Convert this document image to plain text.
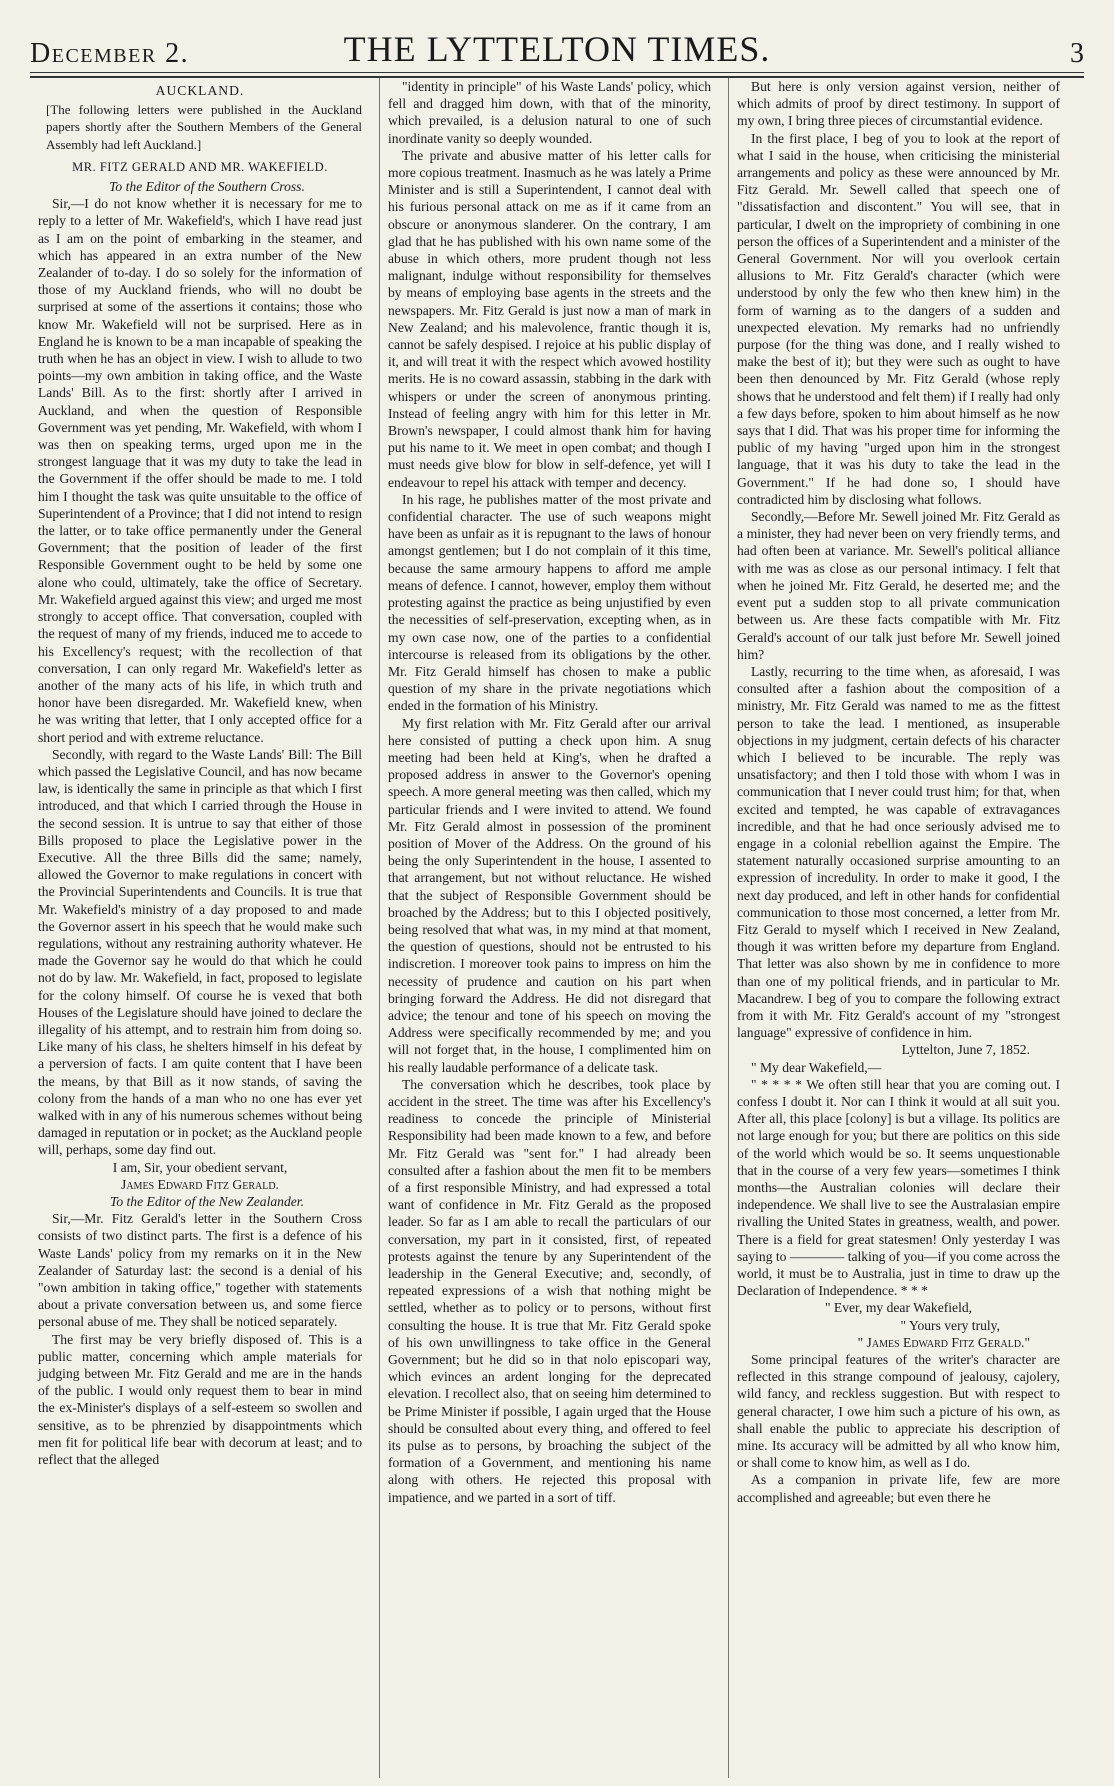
December 2.	THE LYTTELTON TIMES.	3
AUCKLAND.

[The following letters were published in the Auckland papers shortly after the Southern Members of the General Assembly had left Auckland.]

MR. FITZ GERALD AND MR. WAKEFIELD.

To the Editor of the Southern Cross.

Sir,—I do not know whether it is necessary for me to reply to a letter of Mr. Wakefield's, which I have read just as I am on the point of embarking in the steamer, and which has appeared in an extra number of the New Zealander of to-day. I do so solely for the information of those of my Auckland friends, who will no doubt be surprised at some of the assertions it contains; those who know Mr. Wakefield will not be surprised. Here as in England he is known to be a man incapable of speaking the truth when he has an object in view. I wish to allude to two points—my own ambition in taking office, and the Waste Lands' Bill. As to the first: shortly after I arrived in Auckland, and when the question of Responsible Government was yet pending, Mr. Wakefield, with whom I was then on speaking terms, urged upon me in the strongest language that it was my duty to take the lead in the Government if the offer should be made to me. I told him I thought the task was quite unsuitable to the office of Superintendent of a Province; that I did not intend to resign the latter, or to take office permanently under the General Government; that the position of leader of the first Responsible Government ought to be held by some one alone who could, ultimately, take the office of Secretary. Mr. Wakefield argued against this view; and urged me most strongly to accept office. That conversation, coupled with the request of many of my friends, induced me to accede to his Excellency's request; with the recollection of that conversation, I can only regard Mr. Wakefield's letter as another of the many acts of his life, in which truth and honor have been disregarded. Mr. Wakefield knew, when he was writing that letter, that I only accepted office for a short period and with extreme reluctance.

Secondly, with regard to the Waste Lands' Bill: The Bill which passed the Legislative Council, and has now became law, is identically the same in principle as that which I first introduced, and that which I carried through the House in the second session. It is untrue to say that either of those Bills proposed to place the Legislative power in the Executive. All the three Bills did the same; namely, allowed the Governor to make regulations in concert with the Provincial Superintendents and Councils. It is true that Mr. Wakefield's ministry of a day proposed to and made the Governor assert in his speech that he would make such regulations, without any restraining authority whatever. He made the Governor say he would do that which he could not do by law. Mr. Wakefield, in fact, proposed to legislate for the colony himself. Of course he is vexed that both Houses of the Legislature should have joined to declare the illegality of his attempt, and to restrain him from doing so. Like many of his class, he shelters himself in his defeat by a perversion of facts. I am quite content that I have been the means, by that Bill as it now stands, of saving the colony from the hands of a man who no one has ever yet walked with in any of his numerous schemes without being damaged in reputation or in pocket; as the Auckland people will, perhaps, some day find out.

I am, Sir, your obedient servant,

James Edward Fitz Gerald.

To the Editor of the New Zealander.

Sir,—Mr. Fitz Gerald's letter in the Southern Cross consists of two distinct parts. The first is a defence of his Waste Lands' policy from my remarks on it in the New Zealander of Saturday last: the second is a denial of his "own ambition in taking office," together with statements about a private conversation between us, and some fierce personal abuse of me. They shall be noticed separately.

The first may be very briefly disposed of. This is a public matter, concerning which ample materials for judging between Mr. Fitz Gerald and me are in the hands of the public. I would only request them to bear in mind the ex-Minister's displays of a self-esteem so swollen and sensitive, as to be phrenzied by disappointments which men fit for political life bear with decorum at least; and to reflect that the alleged

"identity in principle" of his Waste Lands' policy, which fell and dragged him down, with that of the minority, which prevailed, is a delusion natural to one of such inordinate vanity so deeply wounded.

The private and abusive matter of his letter calls for more copious treatment. Inasmuch as he was lately a Prime Minister and is still a Superintendent, I cannot deal with his furious personal attack on me as if it came from an obscure or anonymous slanderer. On the contrary, I am glad that he has published with his own name some of the abuse in which others, more prudent though not less malignant, indulge without responsibility for themselves by means of employing base agents in the streets and the newspapers. Mr. Fitz Gerald is just now a man of mark in New Zealand; and his malevolence, frantic though it is, cannot be safely despised. I rejoice at his public display of it, and will treat it with the respect which avowed hostility merits. He is no coward assassin, stabbing in the dark with whispers or under the screen of anonymous printing. Instead of feeling angry with him for this letter in Mr. Brown's newspaper, I could almost thank him for having put his name to it. We meet in open combat; and though I must needs give blow for blow in self-defence, yet will I endeavour to repel his attack with temper and decency.

In his rage, he publishes matter of the most private and confidential character. The use of such weapons might have been as unfair as it is repugnant to the laws of honour amongst gentlemen; but I do not complain of it this time, because the same armoury happens to afford me ample means of defence. I cannot, however, employ them without protesting against the practice as being unjustified by even the necessities of self-preservation, excepting when, as in my own case now, one of the parties to a confidential intercourse is released from its obligations by the other. Mr. Fitz Gerald himself has chosen to make a public question of my share in the private negotiations which ended in the formation of his Ministry.

My first relation with Mr. Fitz Gerald after our arrival here consisted of putting a check upon him. A snug meeting had been held at King's, when he drafted a proposed address in answer to the Governor's opening speech. A more general meeting was then called, which my particular friends and I were invited to attend. We found Mr. Fitz Gerald almost in possession of the prominent position of Mover of the Address. On the ground of his being the only Superintendent in the house, I assented to that arrangement, but not without reluctance. He wished that the subject of Responsible Government should be broached by the Address; but to this I objected positively, being resolved that what was, in my mind at that moment, the question of questions, should not be entrusted to his indiscretion. I moreover took pains to impress on him the necessity of prudence and caution on his part when bringing forward the Address. He did not disregard that advice; the tenour and tone of his speech on moving the Address were specifically recommended by me; and you will not forget that, in the house, I complimented him on his really laudable performance of a delicate task.

The conversation which he describes, took place by accident in the street. The time was after his Excellency's readiness to concede the principle of Ministerial Responsibility had been made known to a few, and before Mr. Fitz Gerald was "sent for." I had already been consulted after a fashion about the men fit to be members of a first responsible Ministry, and had expressed a total want of confidence in Mr. Fitz Gerald as the proposed leader. So far as I am able to recall the particulars of our conversation, my part in it consisted, first, of repeated protests against the tenure by any Superintendent of the leadership in the General Executive; and, secondly, of repeated expressions of a wish that nothing might be settled, whether as to policy or to persons, without first consulting the house. It is true that Mr. Fitz Gerald spoke of his own unwillingness to take office in the General Government; but he did so in that nolo episcopari way, which evinces an ardent longing for the deprecated elevation. I recollect also, that on seeing him determined to be Prime Minister if possible, I again urged that the House should be consulted about every thing, and offered to feel its pulse as to persons, by broaching the subject of the formation of a Government, and mentioning his name along with others. He rejected this proposal with impatience, and we parted in a sort of tiff.

But here is only version against version, neither of which admits of proof by direct testimony. In support of my own, I bring three pieces of circumstantial evidence.

In the first place, I beg of you to look at the report of what I said in the house, when criticising the ministerial arrangements and policy as these were announced by Mr. Fitz Gerald. Mr. Sewell called that speech one of "dissatisfaction and discontent." You will see, that in particular, I dwelt on the impropriety of combining in one person the offices of a Superintendent and a minister of the General Government. Nor will you overlook certain allusions to Mr. Fitz Gerald's character (which were understood by only the few who then knew him) in the form of warning as to the dangers of a sudden and unexpected elevation. My remarks had no unfriendly purpose (for the thing was done, and I really wished to make the best of it); but they were such as ought to have been then denounced by Mr. Fitz Gerald (whose reply shows that he understood and felt them) if I really had only a few days before, spoken to him about himself as he now says that I did. That was his proper time for informing the public of my having "urged upon him in the strongest language, that it was his duty to take the lead in the Government." If he had done so, I should have contradicted him by disclosing what follows.

Secondly,—Before Mr. Sewell joined Mr. Fitz Gerald as a minister, they had never been on very friendly terms, and had often been at variance. Mr. Sewell's political alliance with me was as close as our personal intimacy. I felt that when he joined Mr. Fitz Gerald, he deserted me; and the event put a sudden stop to all private communication between us. Are these facts compatible with Mr. Fitz Gerald's account of our talk just before Mr. Sewell joined him?

Lastly, recurring to the time when, as aforesaid, I was consulted after a fashion about the composition of a ministry, Mr. Fitz Gerald was named to me as the fittest person to take the lead. I mentioned, as insuperable objections in my judgment, certain defects of his character which I believed to be incurable. The reply was unsatisfactory; and then I told those with whom I was in communication that I never could trust him; for that, when excited and tempted, he was capable of extravagances incredible, and that he had once seriously advised me to engage in a colonial rebellion against the Empire. The statement naturally occasioned surprise amounting to an expression of incredulity. In order to make it good, I the next day produced, and left in other hands for confidential communication to those most concerned, a letter from Mr. Fitz Gerald to myself which I received in New Zealand, though it was written before my departure from England. That letter was also shown by me in confidence to more than one of my political friends, and in particular to Mr. Macandrew. I beg of you to compare the following extract from it with Mr. Fitz Gerald's account of my "strongest language" expressive of confidence in him.

Lyttelton, June 7, 1852.

" My dear Wakefield,—

" * * * * We often still hear that you are coming out. I confess I doubt it. Nor can I think it would at all suit you. After all, this place [colony] is but a village. Its politics are not large enough for you; but there are politics on this side of the world which would be so. It seems unquestionable that in the course of a very few years—sometimes I think months—the Australian colonies will declare their independence. We shall live to see the Australasian empire rivalling the United States in greatness, wealth, and power. There is a field for great statesmen! Only yesterday I was saying to ———— talking of you—if you come across the world, it must be to Australia, just in time to draw up the Declaration of Independence. * * *

" Ever, my dear Wakefield,

" Yours very truly,

" James Edward Fitz Gerald."

Some principal features of the writer's character are reflected in this strange compound of jealousy, cajolery, wild fancy, and reckless suggestion. But with respect to general character, I owe him such a picture of his own, as shall enable the public to appreciate his description of mine. Its accuracy will be admitted by all who know him, or shall come to know him, as well as I do.

As a companion in private life, few are more accomplished and agreeable; but even there he
